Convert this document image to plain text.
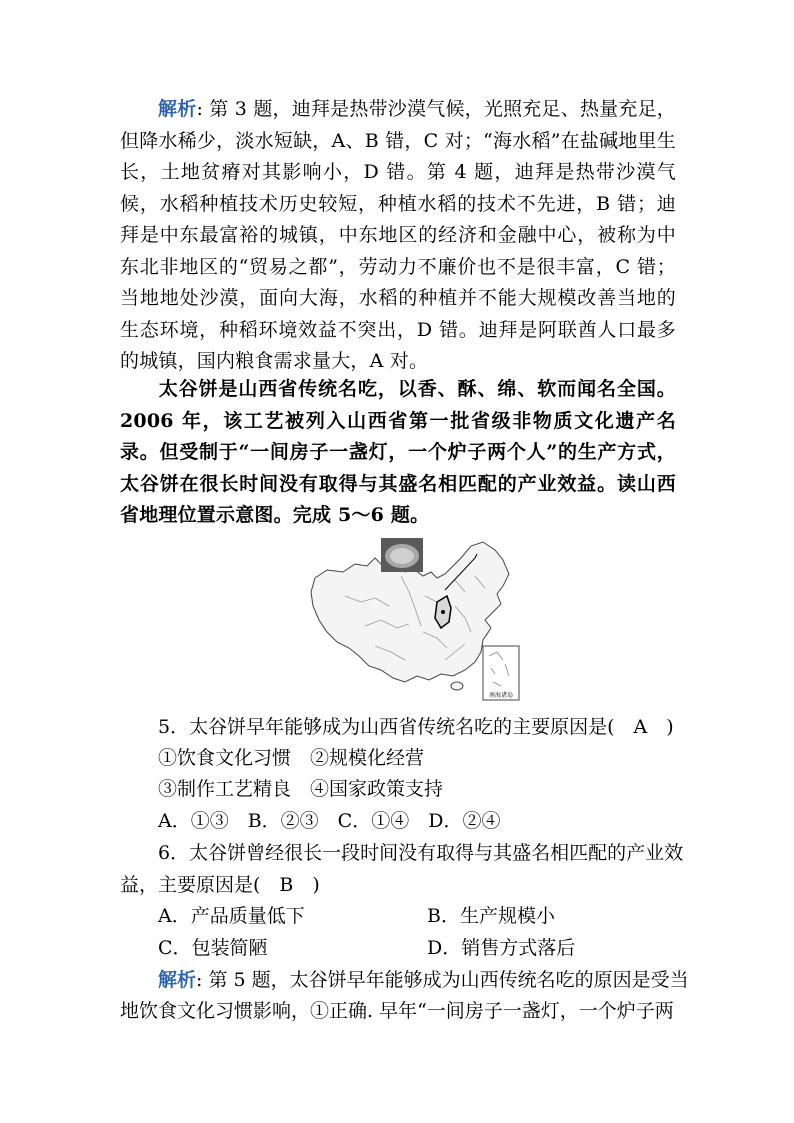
解析: 第 3 题，迪拜是热带沙漠气候，光照充足、热量充足，但降水稀少，淡水短缺，A、B 错，C 对；“海水稻”在盐碱地里生长，土地贫瘠对其影响小，D 错。第 4 题，迪拜是热带沙漠气候，水稻种植技术历史较短，种植水稻的技术不先进，B 错；迪拜是中东最富裕的城镇，中东地区的经济和金融中心，被称为中东北非地区的“贸易之都”，劳动力不廉价也不是很丰富，C 错；当地地处沙漠，面向大海，水稻的种植并不能大规模改善当地的生态环境，种稻环境效益不突出，D 错。迪拜是阿联酋人口最多的城镇，国内粮食需求量大，A 对。

太谷饼是山西省传统名吃，以香、酥、绵、软而闻名全国。2006 年，该工艺被列入山西省第一批省级非物质文化遗产名录。但受制于“一间房子一盏灯，一个炉子两个人”的生产方式，太谷饼在很长时间没有取得与其盛名相匹配的产业效益。读山西省地理位置示意图。完成 5～6 题。

南海诸岛
5．太谷饼早年能够成为山西省传统名吃的主要原因是(　A　)
①饮食文化习惯　②规模化经营
③制作工艺精良　④国家政策支持
A．①③　B．②③　C．①④　D．②④
6．太谷饼曾经很长一段时间没有取得与其盛名相匹配的产业效
益，主要原因是(　B　)
A．产品质量低下	B．生产规模小
C．包装简陋	D．销售方式落后
解析: 第 5 题，太谷饼早年能够成为山西传统名吃的原因是受当
地饮食文化习惯影响，①正确. 早年“一间房子一盏灯，一个炉子两
